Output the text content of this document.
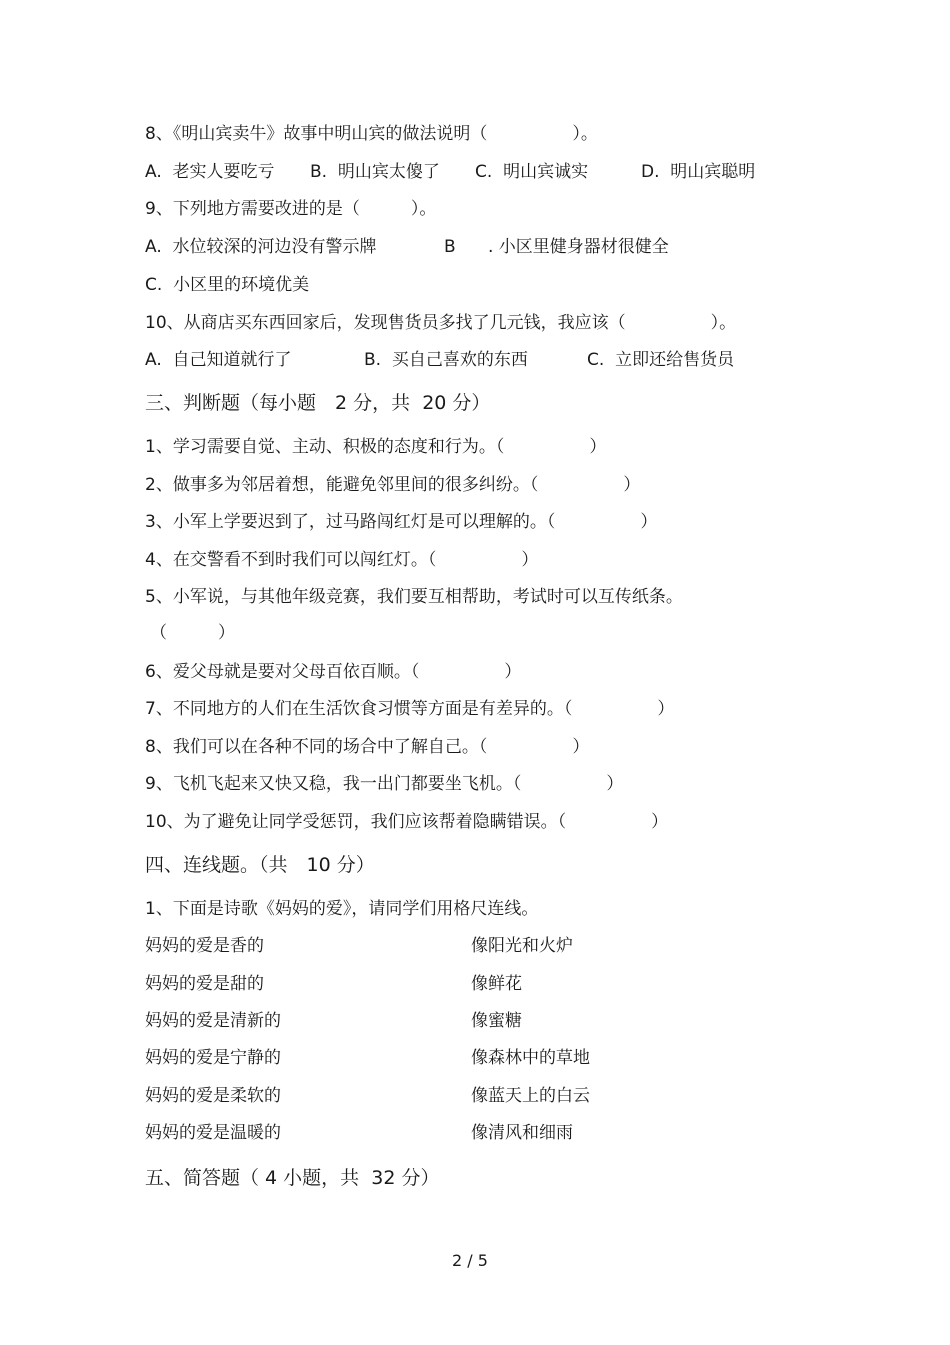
8、《明山宾卖牛》故事中明山宾的做法说明（　　　　　）。
A.  老实人要吃亏 B.  明山宾太傻了 C.  明山宾诚实	D.  明山宾聪明
9、下列地方需要改进的是（　　　）。
A.  水位较深的河边没有警示牌	B . 小区里健身器材很健全
C.  小区里的环境优美
10、从商店买东西回家后，发现售货员多找了几元钱，我应该（　　　　　）。
A.  自己知道就行了	B.  买自己喜欢的东西	C.  立即还给售货员
三、判断题（每小题　2 分，共  20 分）
1、学习需要自觉、主动、积极的态度和行为。（　　　　　）
2、做事多为邻居着想，能避免邻里间的很多纠纷。（　　　　　）
3、小军上学要迟到了，过马路闯红灯是可以理解的。（　　　　　）
4、在交警看不到时我们可以闯红灯。（　　　　　）
5、小军说，与其他年级竞赛，我们要互相帮助，考试时可以互传纸条。
（　　　）
6、爱父母就是要对父母百依百顺。（　　　　　）
7、不同地方的人们在生活饮食习惯等方面是有差异的。（　　　　　）
8、我们可以在各种不同的场合中了解自己。（　　　　　）
9、飞机飞起来又快又稳，我一出门都要坐飞机。（　　　　　）
10、为了避免让同学受惩罚，我们应该帮着隐瞒错误。（　　　　　）
四、连线题。（共　10 分）
1、下面是诗歌《妈妈的爱》，请同学们用格尺连线。
妈妈的爱是香的	像阳光和火炉
妈妈的爱是甜的	像鲜花
妈妈的爱是清新的	像蜜糖
妈妈的爱是宁静的	像森林中的草地
妈妈的爱是柔软的	像蓝天上的白云
妈妈的爱是温暖的	像清风和细雨
五、简答题（ 4 小题，共  32 分）
2 / 5
